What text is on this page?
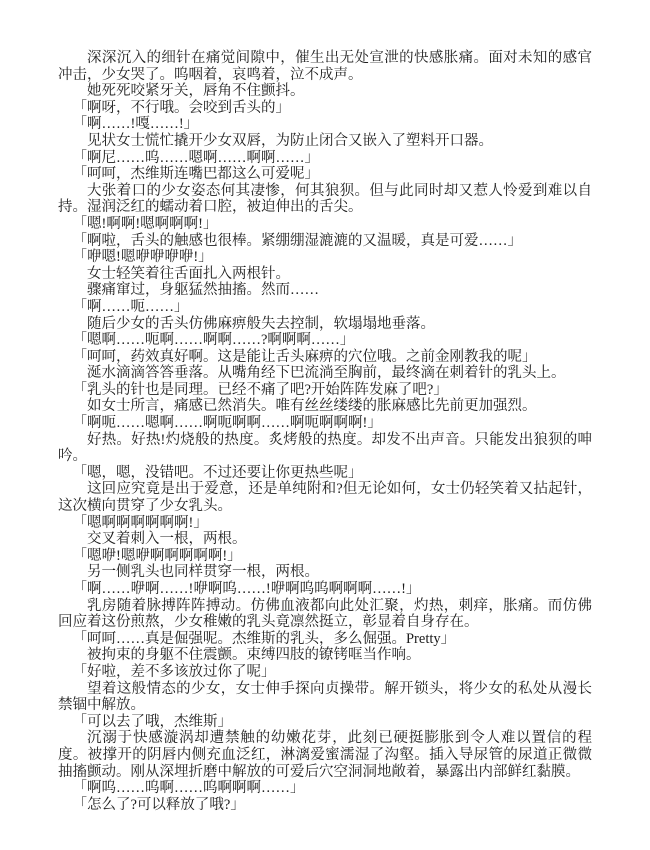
深深沉入的细针在痛觉间隙中，催生出无处宣泄的快感胀痛。面对未知的感官冲击，少女哭了。呜咽着，哀鸣着，泣不成声。

她死死咬紧牙关，唇角不住颤抖。

「啊呀，不行哦。会咬到舌头的」

「啊……!嘎……!」

见状女士慌忙撬开少女双唇，为防止闭合又嵌入了塑料开口器。

「啊尼……呜……嗯啊……啊啊……」

「呵呵，杰维斯连嘴巴都这么可爱呢」

大张着口的少女姿态何其凄惨，何其狼狈。但与此同时却又惹人怜爱到难以自持。湿润泛红的蠕动着口腔，被迫伸出的舌尖。

「嗯!啊啊!嗯啊啊啊!」

「啊啦，舌头的触感也很棒。紧绷绷湿漉漉的又温暖，真是可爱……」

「咿嗯!嗯咿咿咿咿!」

女士轻笑着往舌面扎入两根针。

骤痛窜过，身躯猛然抽搐。然而……

「啊……呃……」

随后少女的舌头仿佛麻痹般失去控制，软塌塌地垂落。

「嗯啊……呃啊……啊啊……?啊啊啊……」

「呵呵，药效真好啊。这是能让舌头麻痹的穴位哦。之前金刚教我的呢」

涎水滴滴答答垂落。从嘴角经下巴流淌至胸前，最终滴在刺着针的乳头上。

「乳头的针也是同理。已经不痛了吧?开始阵阵发麻了吧?」

如女士所言，痛感已然消失。唯有丝丝缕缕的胀麻感比先前更加强烈。

「啊呃……嗯啊……啊呃啊啊……啊呃啊啊啊!」

好热。好热!灼烧般的热度。炙烤般的热度。却发不出声音。只能发出狼狈的呻吟。

「嗯，嗯，没错吧。不过还要让你更热些呢」

这回应究竟是出于爱意，还是单纯附和?但无论如何，女士仍轻笑着又拈起针，这次横向贯穿了少女乳头。

「嗯啊啊啊啊啊啊!」

交叉着刺入一根，两根。

「嗯咿!嗯咿啊啊啊啊啊!」

另一侧乳头也同样贯穿一根，两根。

「啊……咿啊……!咿啊呜……!咿啊呜呜啊啊啊……!」

乳房随着脉搏阵阵搏动。仿佛血液都向此处汇聚，灼热，刺痒，胀痛。而仿佛回应着这份煎熬，少女稚嫩的乳头竟凛然挺立，彰显着自身存在。

「呵呵……真是倔强呢。杰维斯的乳头，多么倔强。Pretty」

被拘束的身躯不住震颤。束缚四肢的镣铐哐当作响。

「好啦，差不多该放过你了呢」

望着这般情态的少女，女士伸手探向贞操带。解开锁头，将少女的私处从漫长禁锢中解放。

「可以去了哦，杰维斯」

沉溺于快感漩涡却遭禁触的幼嫩花芽，此刻已硬挺膨胀到令人难以置信的程度。被撑开的阴唇内侧充血泛红，淋漓爱蜜濡湿了沟壑。插入导尿管的尿道正微微抽搐颤动。刚从深埋折磨中解放的可爱后穴空洞洞地敞着，暴露出内部鲜红黏膜。

「啊呜……呜啊……呜啊啊啊……」

「怎么了?可以释放了哦?」
